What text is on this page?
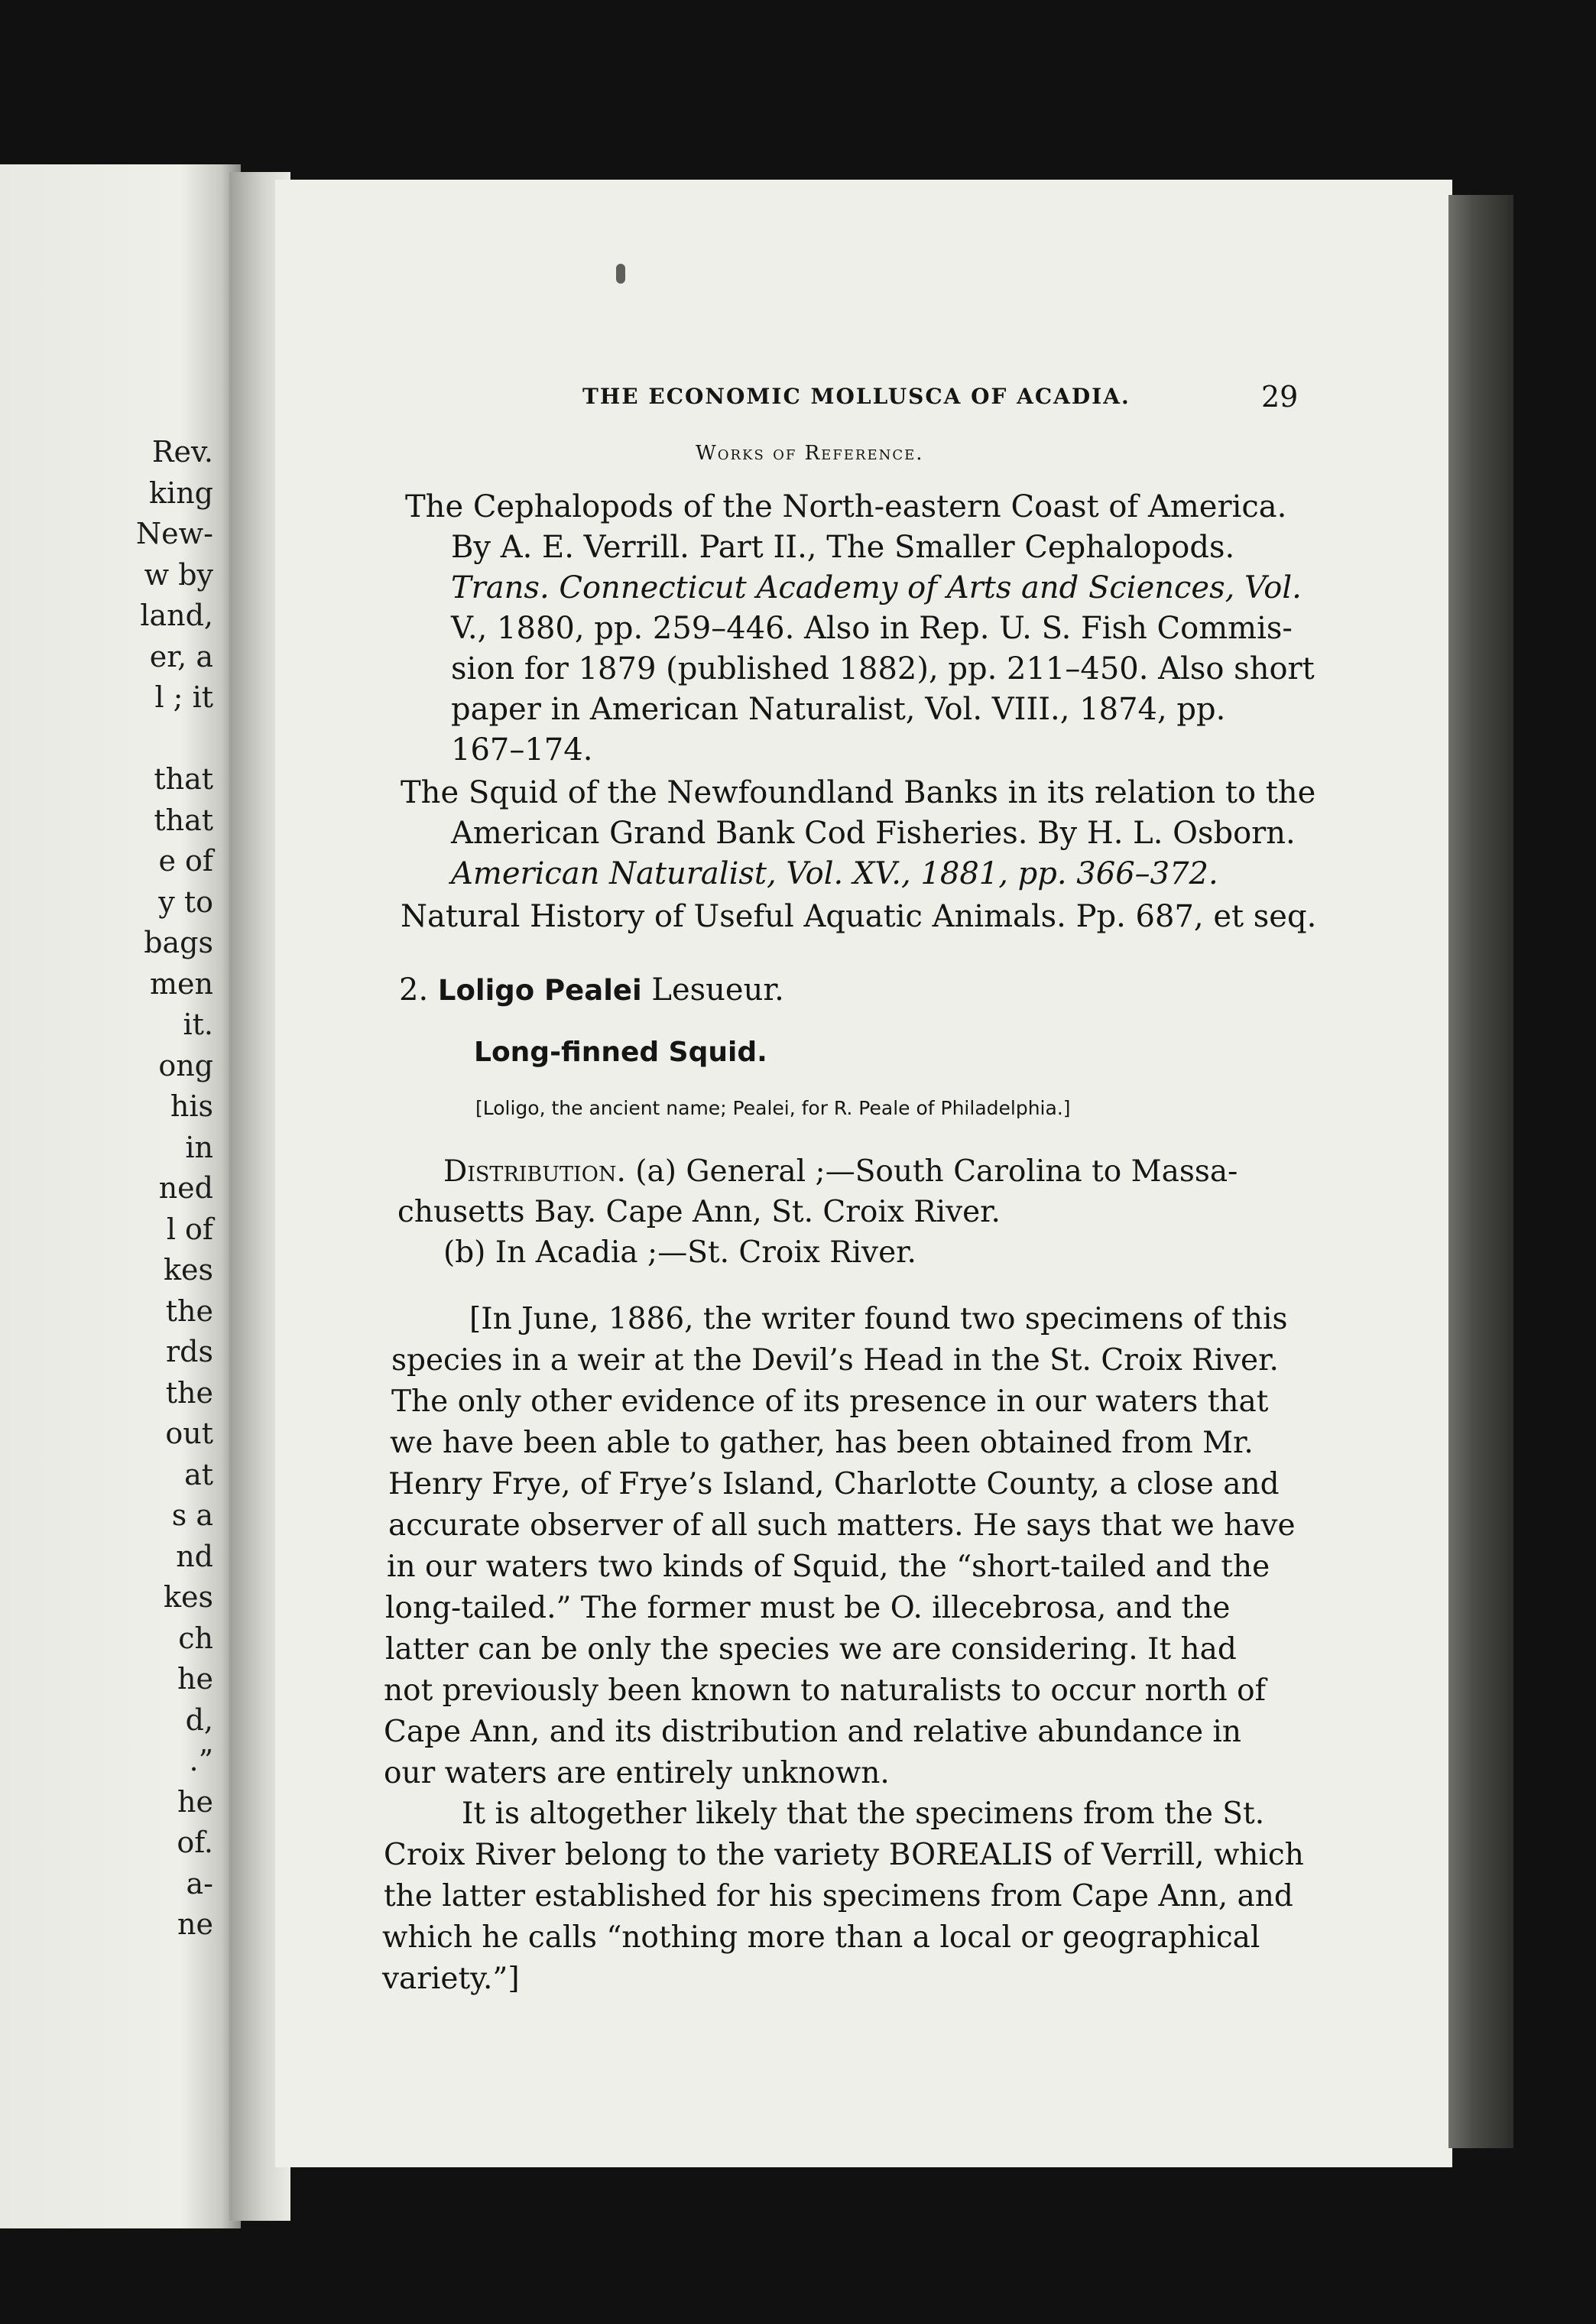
Rev.
king
New-
w by
land,
er, a
l ; it

that
that
e of
y to
bags
men
it.
ong
his
in
ned
l of
kes
the
rds
the
out
at
s a
nd
kes
ch
he
d,
.”
he
of.
a-
ne
THE ECONOMIC MOLLUSCA OF ACADIA.	29
Works of Reference.
The Cephalopods of the North-eastern Coast of America.
By A. E. Verrill. Part II., The Smaller Cephalopods.
Trans. Connecticut Academy of Arts and Sciences, Vol.
V., 1880, pp. 259–446. Also in Rep. U. S. Fish Commis-
sion for 1879 (published 1882), pp. 211–450. Also short
paper in American Naturalist, Vol. VIII., 1874, pp.
167–174.
The Squid of the Newfoundland Banks in its relation to the
American Grand Bank Cod Fisheries. By H. L. Osborn.
American Naturalist, Vol. XV., 1881, pp. 366–372.
Natural History of Useful Aquatic Animals. Pp. 687, et seq.
2. Loligo Pealei Lesueur.
Long-finned Squid.
[Loligo, the ancient name; Pealei, for R. Peale of Philadelphia.]
Distribution. (a) General ;—South Carolina to Massa-
chusetts Bay. Cape Ann, St. Croix River.
(b) In Acadia ;—St. Croix River.
[In June, 1886, the writer found two specimens of this
species in a weir at the Devil’s Head in the St. Croix River.
The only other evidence of its presence in our waters that
we have been able to gather, has been obtained from Mr.
Henry Frye, of Frye’s Island, Charlotte County, a close and
accurate observer of all such matters. He says that we have
in our waters two kinds of Squid, the “short-tailed and the
long-tailed.” The former must be O. illecebrosa, and the
latter can be only the species we are considering. It had
not previously been known to naturalists to occur north of
Cape Ann, and its distribution and relative abundance in
our waters are entirely unknown.
It is altogether likely that the specimens from the St.
Croix River belong to the variety BOREALIS of Verrill, which
the latter established for his specimens from Cape Ann, and
which he calls “nothing more than a local or geographical
variety.”]
